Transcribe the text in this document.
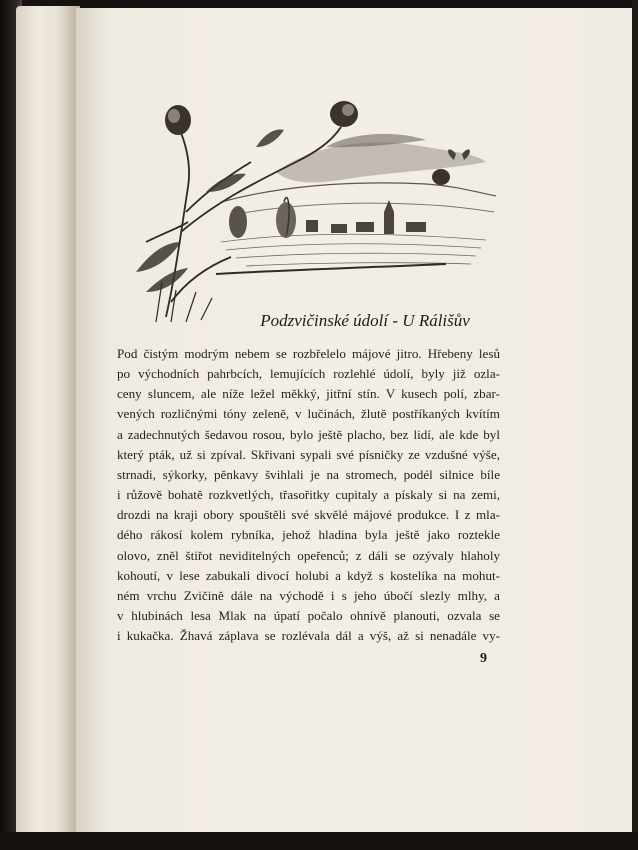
Podzvičinské údolí - U Rálišův
Pod čistým modrým nebem se rozbřelelo májové jitro. Hřebeny lesů
po východních pahrbcích, lemujících rozlehlé údolí, byly již ozla-
ceny sluncem, ale níže ležel měkký, jitřní stín. V kusech polí, zbar-
vených rozličnými tóny zeleně, v lučinách, žlutě postříkaných kvítím
a zadechnutých šedavou rosou, bylo ještě placho, bez lidí, ale kde byl
který pták, už si zpíval. Skřivani sypali své písničky ze vzdušné výše,
strnadi, sýkorky, pěnkavy švihlali je na stromech, podél silnice bíle
i růžově bohatě rozkvetlých, třasořitky cupitaly a pískaly si na zemi,
drozdi na kraji obory spouštěli své skvělé májové produkce. I z mla-
dého rákosí kolem rybníka, jehož hladina byla ještě jako roztekle
olovo, zněl štiřot neviditelných opeřenců; z dáli se ozývaly hlaholy
kohoutí, v lese zabukali divocí holubi a když s kostelíka na mohut-
ném vrchu Zvičině dále na východě i s jeho úbočí slezly mlhy, a
v hlubinách lesa Mlak na úpatí počalo ohnivě planouti, ozvala se
i kukačka. Žhavá záplava se rozlévala dál a výš, až si nenadále vy-
9
